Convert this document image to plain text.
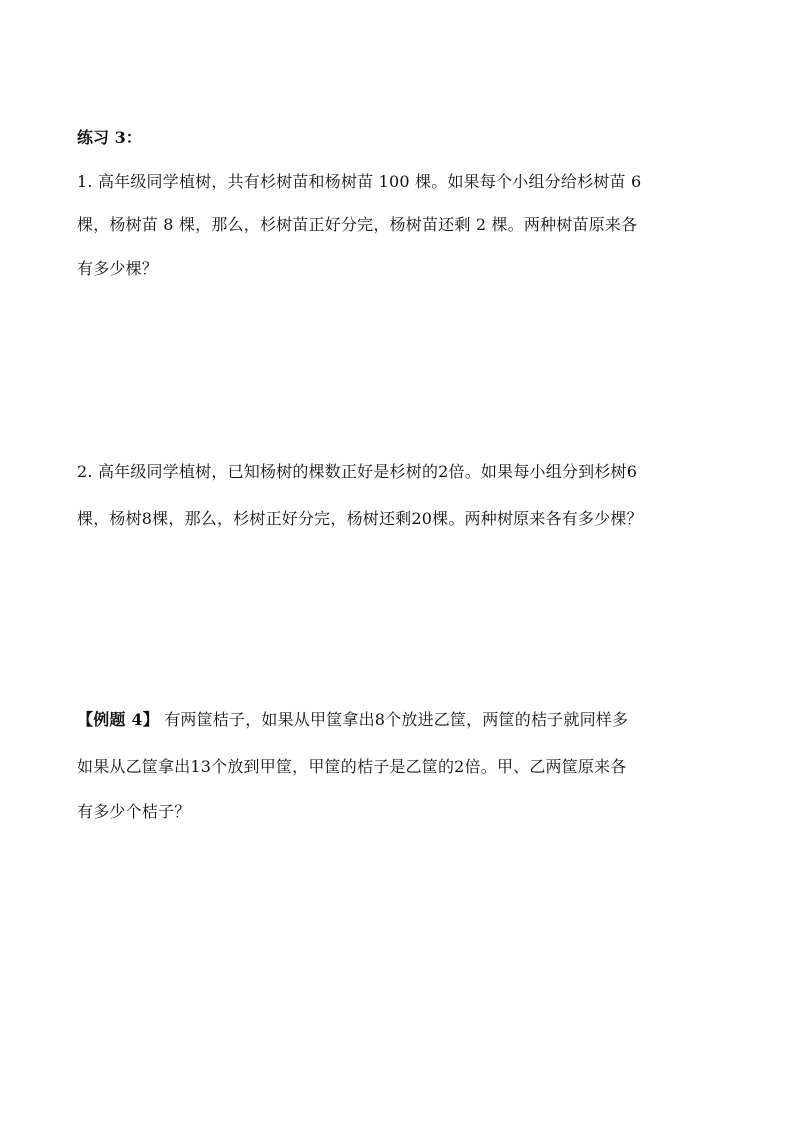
练习 3：
1. 高年级同学植树，共有杉树苗和杨树苗 100 棵。如果每个小组分给杉树苗 6
棵，杨树苗 8 棵，那么，杉树苗正好分完，杨树苗还剩 2 棵。两种树苗原来各
有多少棵？
2. 高年级同学植树，已知杨树的棵数正好是杉树的2倍。如果每小组分到杉树6
棵，杨树8棵，那么，杉树正好分完，杨树还剩20棵。两种树原来各有多少棵？
【例题 4】 有两筐桔子，如果从甲筐拿出8个放进乙筐，两筐的桔子就同样多
如果从乙筐拿出13个放到甲筐，甲筐的桔子是乙筐的2倍。甲、乙两筐原来各
有多少个桔子？
